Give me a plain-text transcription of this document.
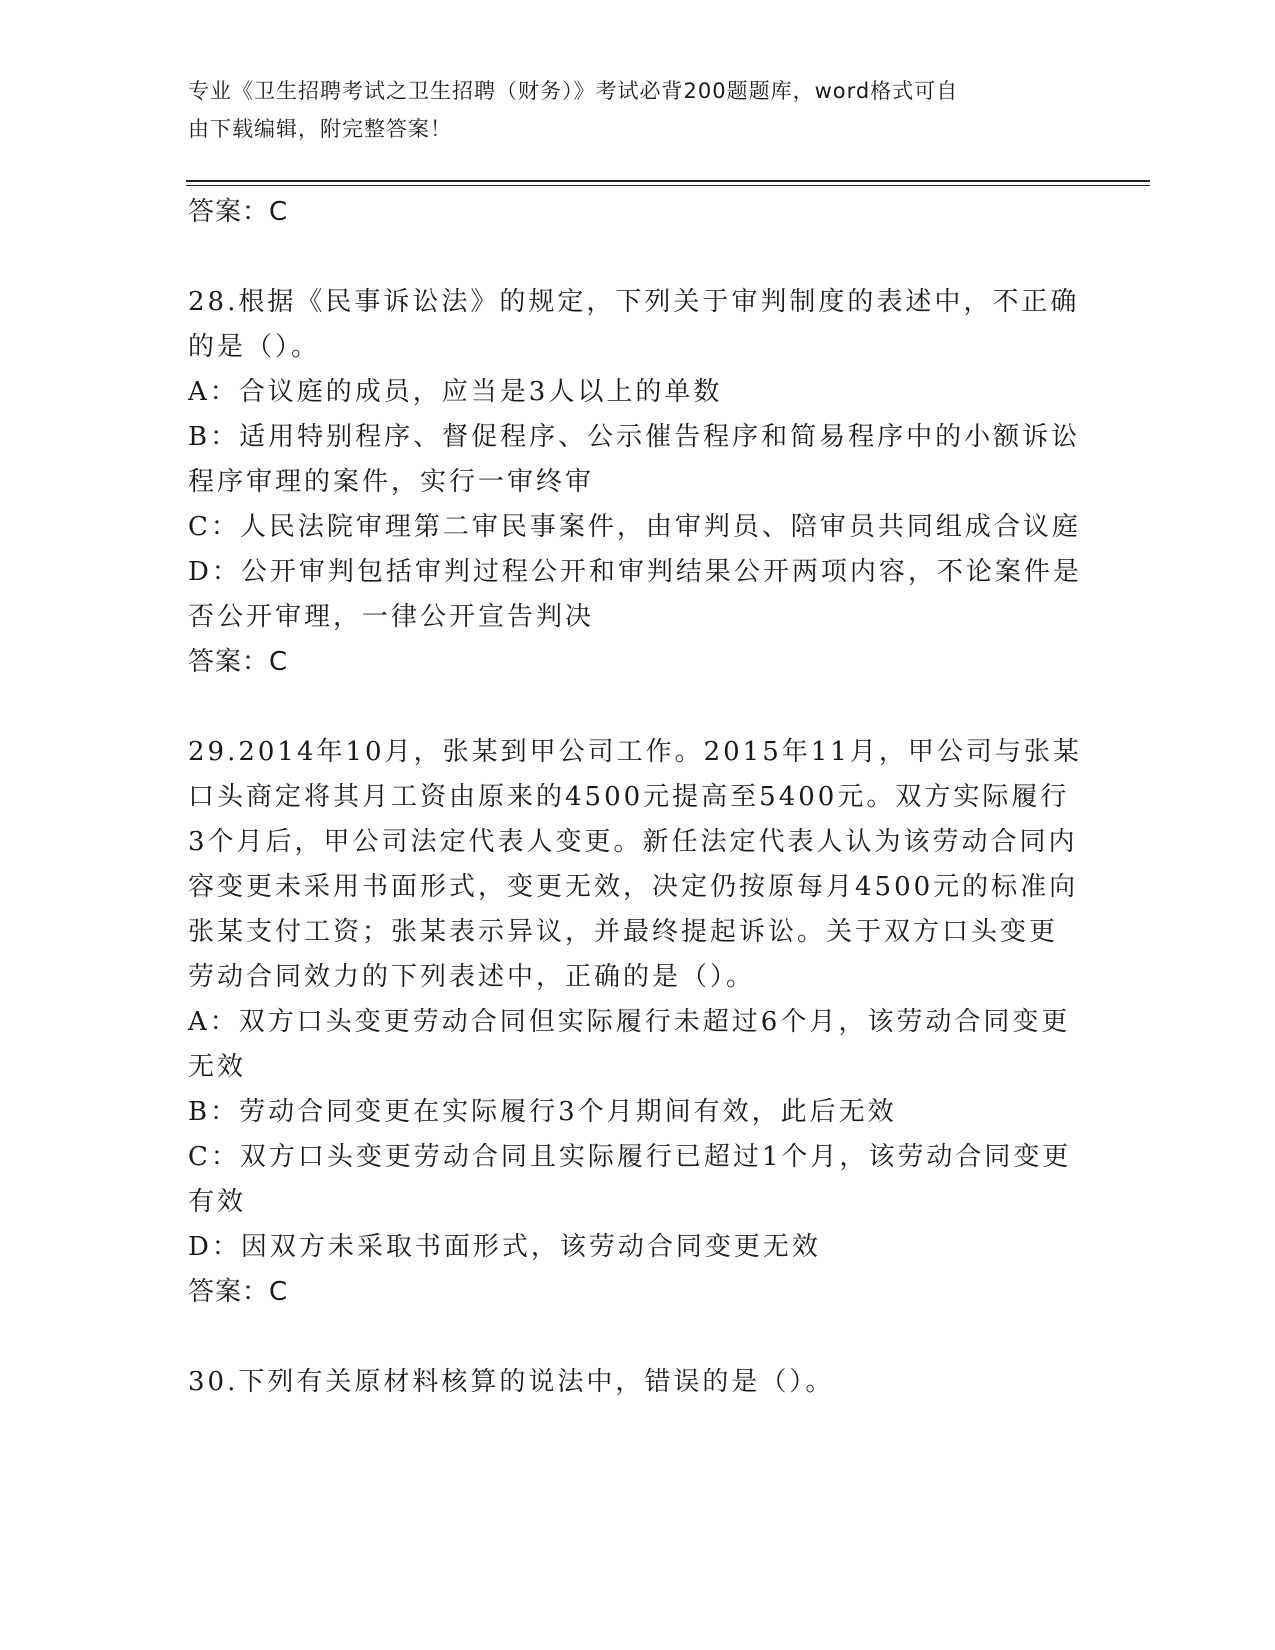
专业《卫生招聘考试之卫生招聘（财务）》考试必背200题题库，word格式可自
由下载编辑，附完整答案！
答案：C
28.根据《民事诉讼法》的规定，下列关于审判制度的表述中，不正确
的是（）。
A：合议庭的成员，应当是3人以上的单数
B：适用特别程序、督促程序、公示催告程序和简易程序中的小额诉讼
程序审理的案件，实行一审终审
C：人民法院审理第二审民事案件，由审判员、陪审员共同组成合议庭
D：公开审判包括审判过程公开和审判结果公开两项内容，不论案件是
否公开审理，一律公开宣告判决
答案：C
29.2014年10月，张某到甲公司工作。2015年11月，甲公司与张某
口头商定将其月工资由原来的4500元提高至5400元。双方实际履行
3个月后，甲公司法定代表人变更。新任法定代表人认为该劳动合同内
容变更未采用书面形式，变更无效，决定仍按原每月4500元的标准向
张某支付工资；张某表示异议，并最终提起诉讼。关于双方口头变更
劳动合同效力的下列表述中，正确的是（）。
A：双方口头变更劳动合同但实际履行未超过6个月，该劳动合同变更
无效
B：劳动合同变更在实际履行3个月期间有效，此后无效
C：双方口头变更劳动合同且实际履行已超过1个月，该劳动合同变更
有效
D：因双方未采取书面形式，该劳动合同变更无效
答案：C
30.下列有关原材料核算的说法中，错误的是（）。
